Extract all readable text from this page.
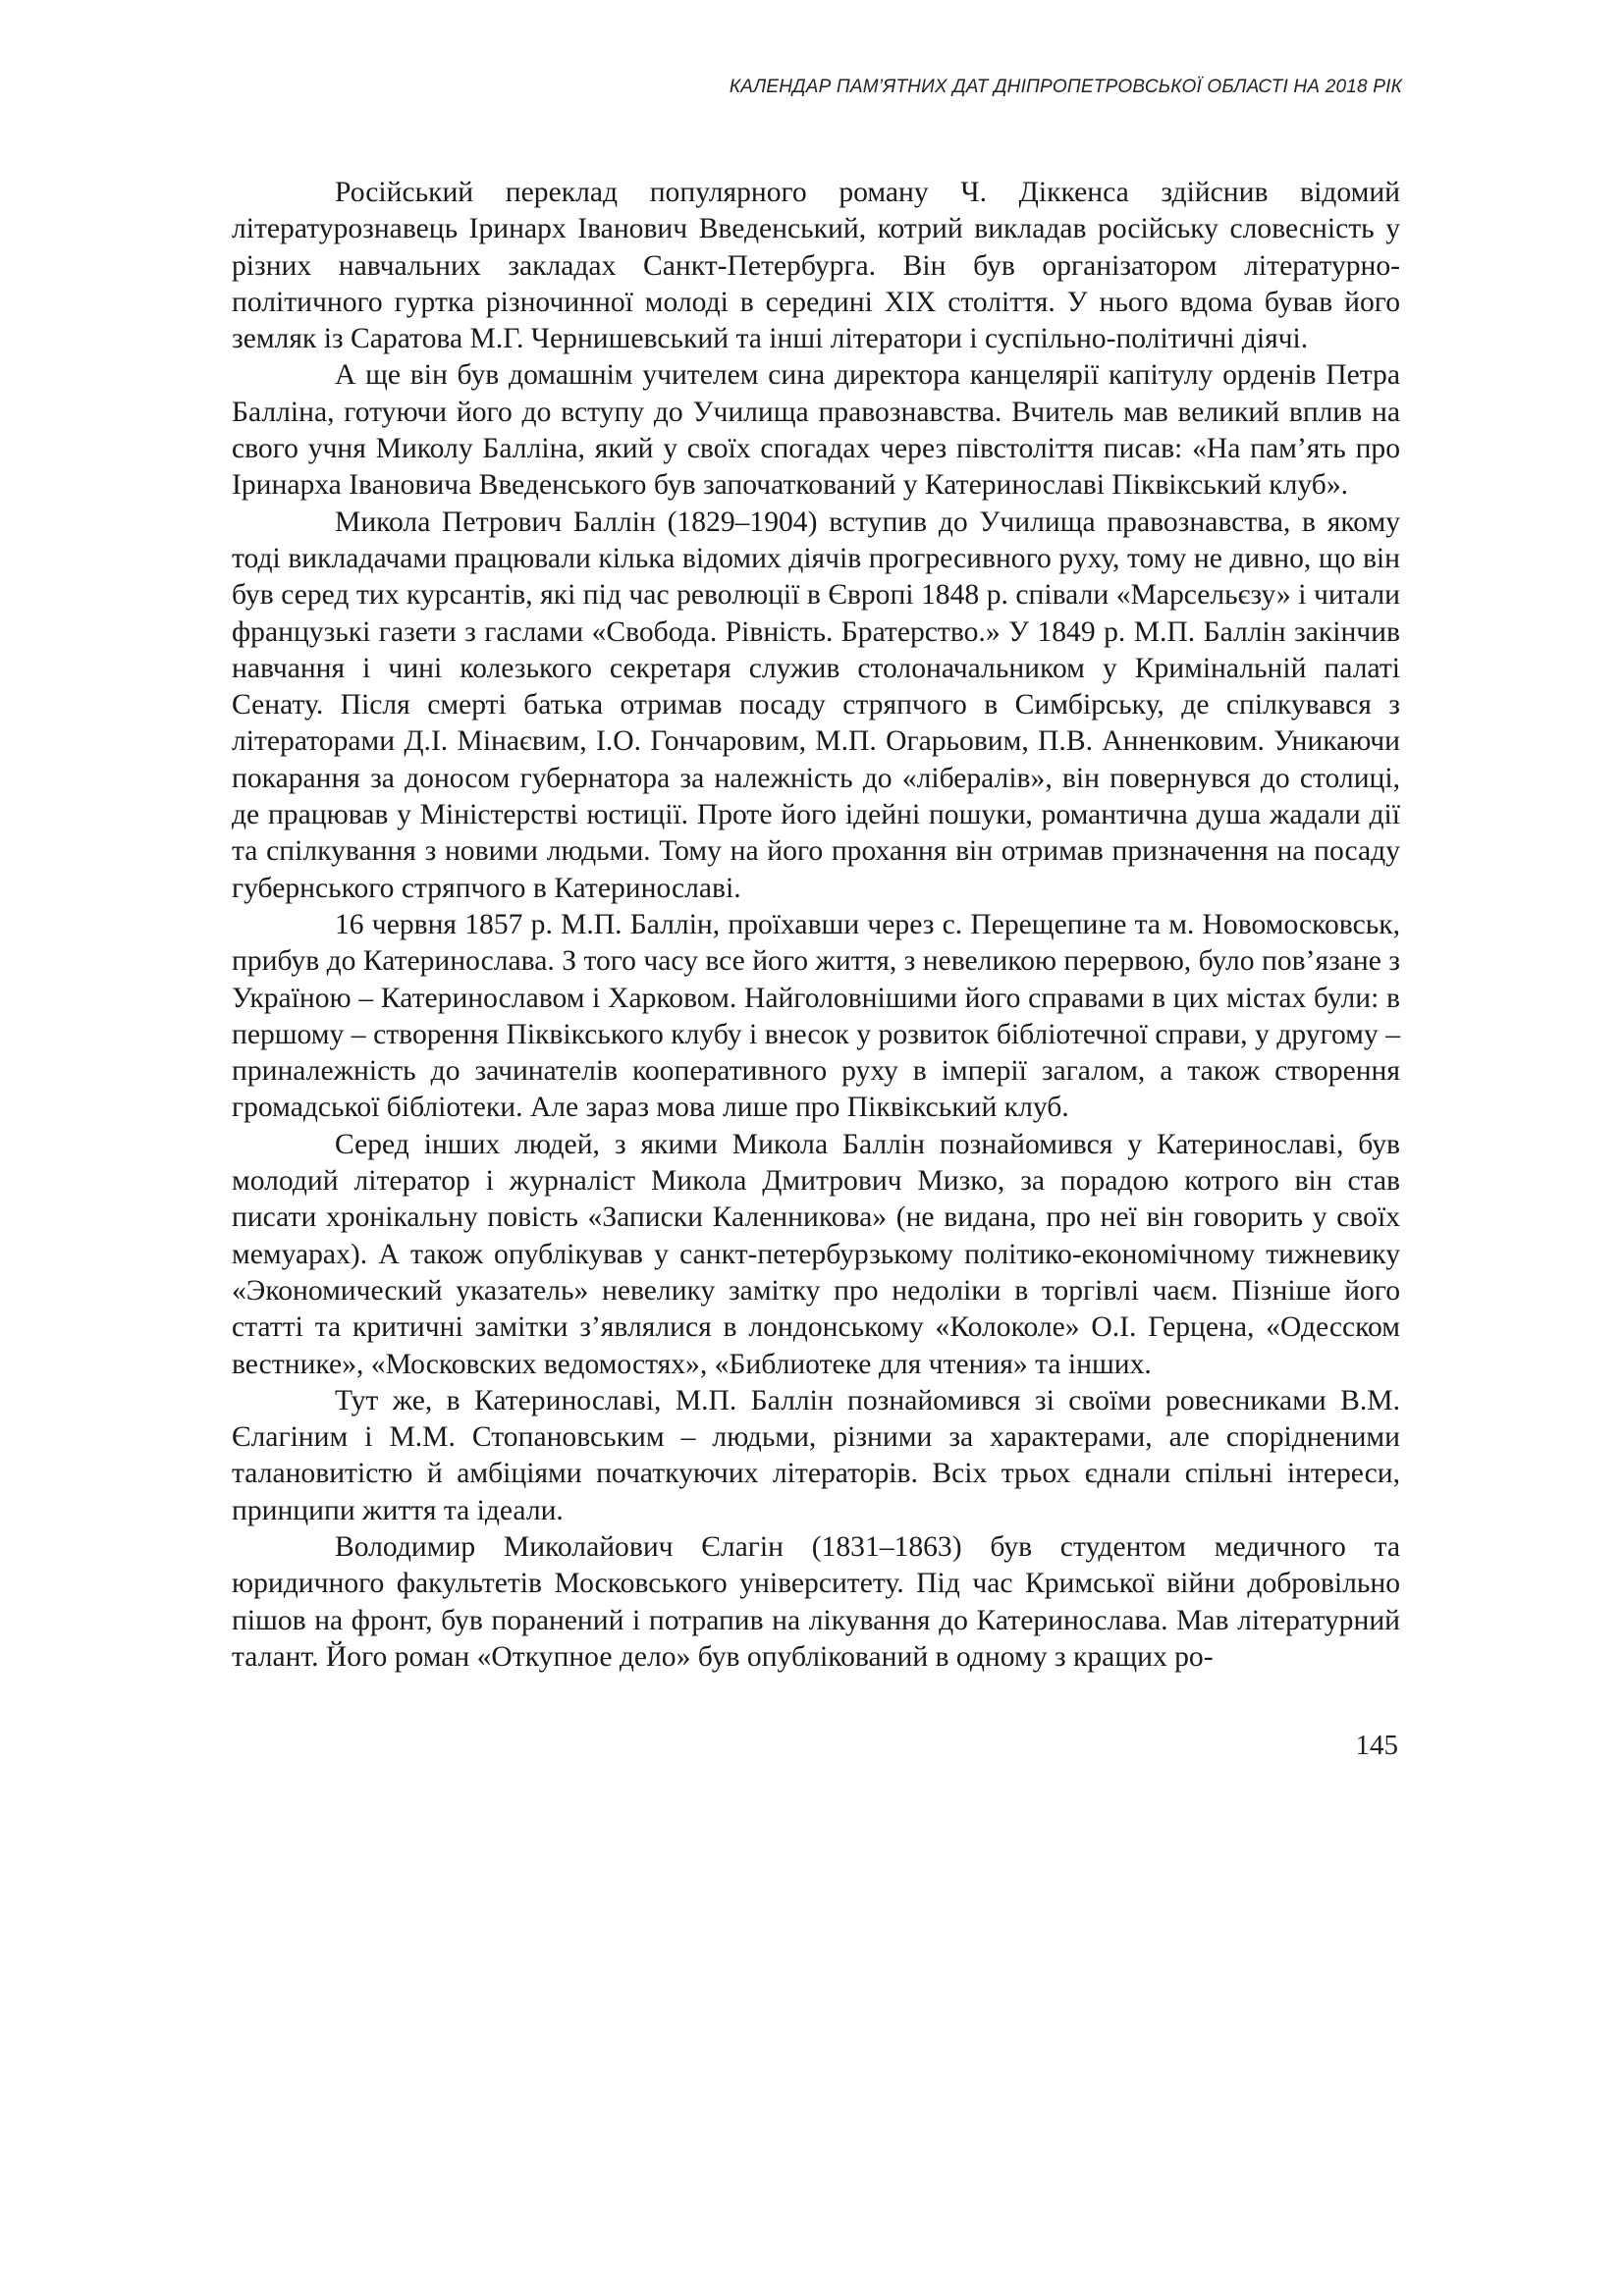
КАЛЕНДАР ПАМ’ЯТНИХ ДАТ ДНІПРОПЕТРОВСЬКОЇ ОБЛАСТІ НА 2018 РІК

Російський переклад популярного роману Ч. Діккенса здійснив відомий літературознавець Іринарх Іванович Введенський, котрий викладав російську словесність у різних навчальних закладах Санкт-Петербурга. Він був організатором літературно-політичного гуртка різночинної молоді в середині XIX століття. У нього вдома бував його земляк із Саратова М.Г. Чернишевський та інші літератори і суспільно-політичні діячі.

А ще він був домашнім учителем сина директора канцелярії капітулу орденів Петра Балліна, готуючи його до вступу до Училища правознавства. Вчитель мав великий вплив на свого учня Миколу Балліна, який у своїх спогадах через півстоліття писав: «На пам’ять про Іринарха Івановича Введенського був започаткований у Катеринославі Піквікський клуб».

Микола Петрович Баллін (1829–1904) вступив до Училища правознавства, в якому тоді викладачами працювали кілька відомих діячів прогресивного руху, тому не дивно, що він був серед тих курсантів, які під час революції в Європі 1848 р. співали «Марсельєзу» і читали французькі газети з гаслами «Свобода. Рівність. Братерство.» У 1849 р. М.П. Баллін закінчив навчання і чині колезького секретаря служив столоначальником у Кримінальній палаті Сенату. Після смерті батька отримав посаду стряпчого в Симбірську, де спілкувався з літераторами Д.І. Мінаєвим, І.О. Гончаровим, М.П. Огарьовим, П.В. Анненковим. Уникаючи покарання за доносом губернатора за належність до «лібералів», він повернувся до столиці, де працював у Міністерстві юстиції. Проте його ідейні пошуки, романтична душа жадали дії та спілкування з новими людьми. Тому на його прохання він отримав призначення на посаду губернського стряпчого в Катеринославі.

16 червня 1857 р. М.П. Баллін, проїхавши через с. Перещепине та м. Новомосковськ, прибув до Катеринослава. З того часу все його життя, з невеликою перервою, було пов’язане з Україною – Катеринославом і Харковом. Найголовнішими його справами в цих містах були: в першому – створення Піквікського клубу і внесок у розвиток бібліотечної справи, у другому – приналежність до зачинателів кооперативного руху в імперії загалом, а також створення громадської бібліотеки. Але зараз мова лише про Піквікський клуб.

Серед інших людей, з якими Микола Баллін познайомився у Катеринославі, був молодий літератор і журналіст Микола Дмитрович Мизко, за порадою котрого він став писати хронікальну повість «Записки Каленникова» (не видана, про неї він говорить у своїх мемуарах). А також опублікував у санкт-петербурзькому політико-економічному тижневику «Экономический указатель» невелику замітку про недоліки в торгівлі чаєм. Пізніше його статті та критичні замітки з’являлися в лондонському «Колоколе» О.І. Герцена, «Одесском вестнике», «Московских ведомостях», «Библиотеке для чтения» та інших.

Тут же, в Катеринославі, М.П. Баллін познайомився зі своїми ровесниками В.М. Єлагіним і М.М. Стопановським – людьми, різними за характерами, але спорідненими талановитістю й амбіціями початкуючих літераторів. Всіх трьох єднали спільні інтереси, принципи життя та ідеали.

Володимир Миколайович Єлагін (1831–1863) був студентом медичного та юридичного факультетів Московського університету. Під час Кримської війни добровільно пішов на фронт, був поранений і потрапив на лікування до Катеринослава. Мав літературний талант. Його роман «Откупное дело» був опублікований в одному з кращих ро-

145
